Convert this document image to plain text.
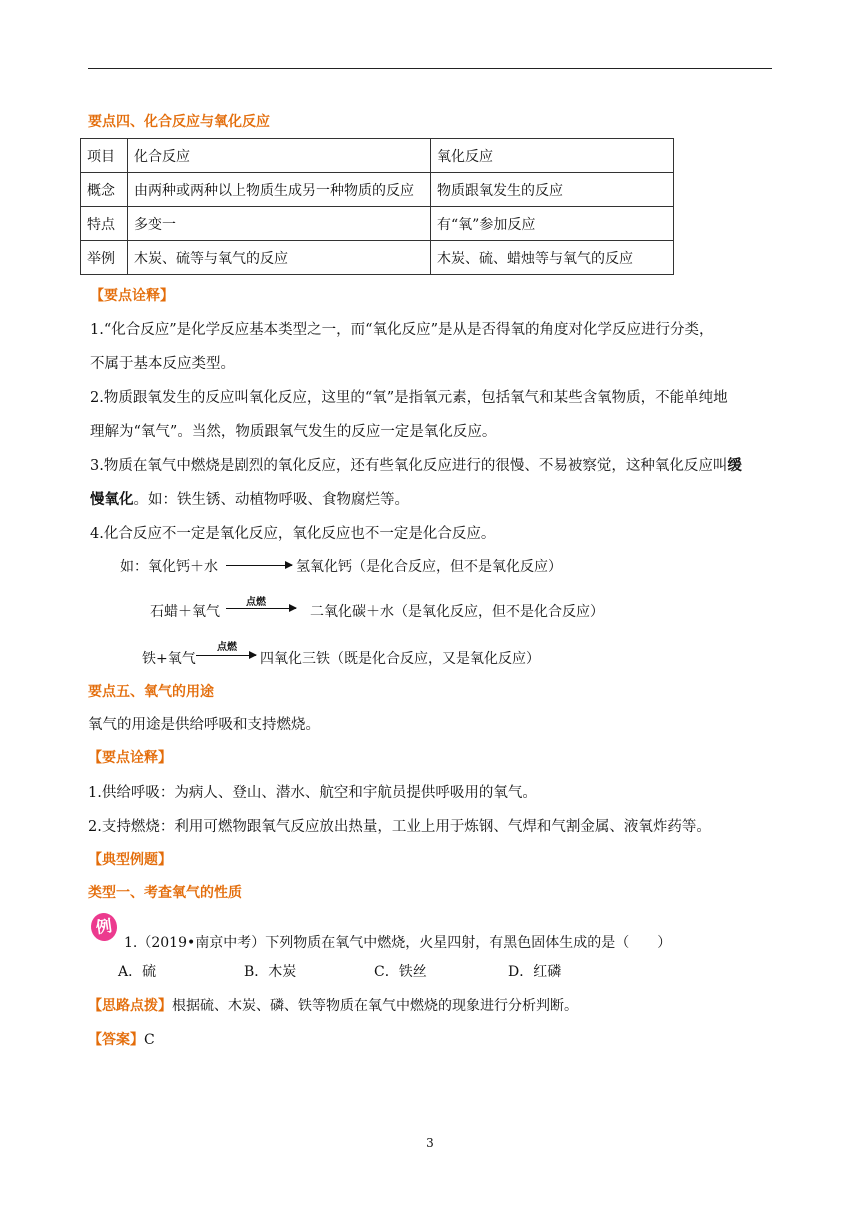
要点四、化合反应与氧化反应
项目	化合反应	氧化反应
概念	由两种或两种以上物质生成另一种物质的反应	物质跟氧发生的反应
特点	多变一	有“氧”参加反应
举例	木炭、硫等与氧气的反应	木炭、硫、蜡烛等与氧气的反应
【要点诠释】
1.“化合反应”是化学反应基本类型之一，而“氧化反应”是从是否得氧的角度对化学反应进行分类，
不属于基本反应类型。
2.物质跟氧发生的反应叫氧化反应，这里的“氧”是指氧元素，包括氧气和某些含氧物质，不能单纯地
理解为“氧气”。当然，物质跟氧气发生的反应一定是氧化反应。
3.物质在氧气中燃烧是剧烈的氧化反应，还有些氧化反应进行的很慢、不易被察觉，这种氧化反应叫缓
慢氧化。如：铁生锈、动植物呼吸、食物腐烂等。
4.化合反应不一定是氧化反应，氧化反应也不一定是化合反应。
如：氧化钙＋水	氢氧化钙（是化合反应，但不是氧化反应）
石蜡＋氧气
点燃
二氧化碳＋水（是氧化反应，但不是化合反应）
铁+氧气
点燃
→ 四氧化三铁（既是化合反应，又是氧化反应）
要点五、氧气的用途
氧气的用途是供给呼吸和支持燃烧。
【要点诠释】
1.供给呼吸：为病人、登山、潜水、航空和宇航员提供呼吸用的氧气。
2.支持燃烧：利用可燃物跟氧气反应放出热量，工业上用于炼钢、气焊和气割金属、液氧炸药等。
【典型例题】
类型一、考查氧气的性质
例
1.（2019•南京中考）下列物质在氧气中燃烧，火星四射，有黑色固体生成的是（　　）
A．硫	B．木炭	C．铁丝	D．红磷
【思路点拨】根据硫、木炭、磷、铁等物质在氧气中燃烧的现象进行分析判断。
【答案】C
3
